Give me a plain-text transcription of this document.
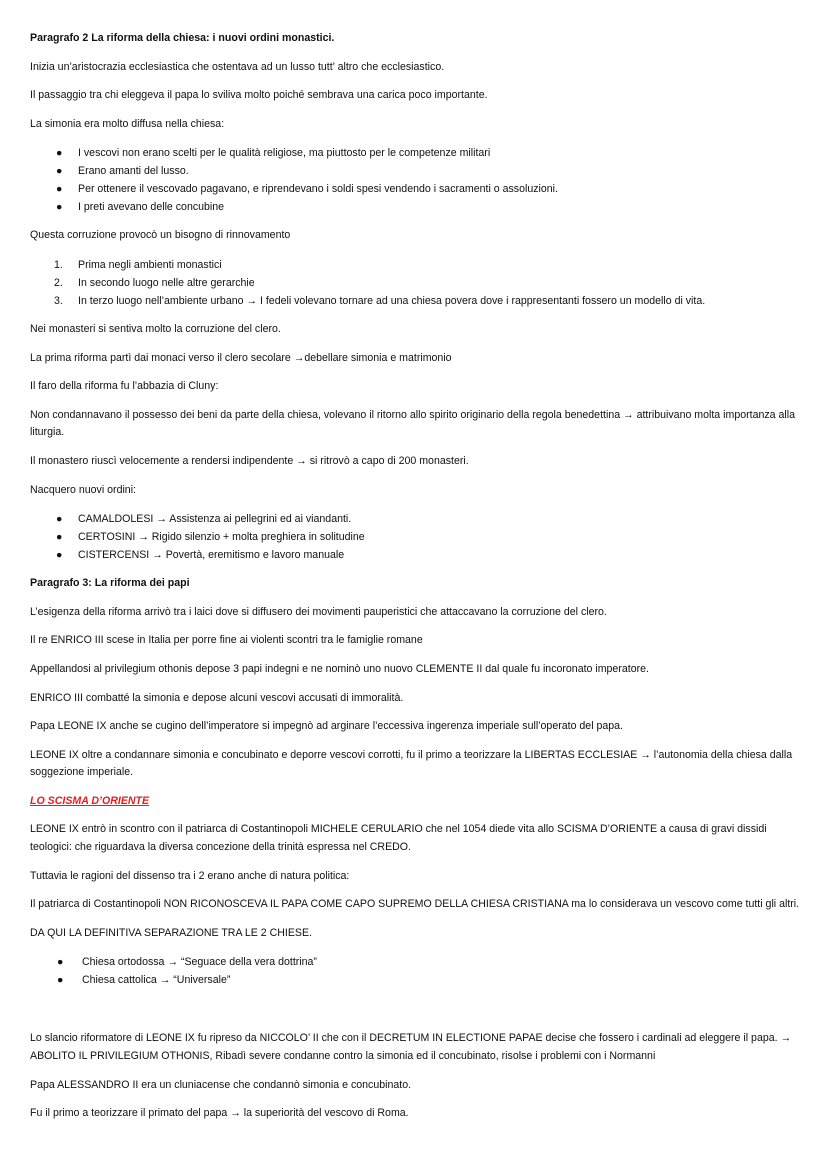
Paragrafo 2 La riforma della chiesa: i nuovi ordini monastici.

Inizia un’aristocrazia ecclesiastica che ostentava ad un lusso tutt’ altro che ecclesiastico.

Il passaggio tra chi eleggeva il papa lo sviliva molto poiché sembrava una carica poco importante.

La simonia era molto diffusa nella chiesa:

●	I vescovi non erano scelti per le qualità religiose, ma piuttosto per le competenze militari
●	Erano amanti del lusso.
●	Per ottenere il vescovado pagavano, e riprendevano i soldi spesi vendendo i sacramenti o assoluzioni.
●	I preti avevano delle concubine

Questa corruzione provocò un bisogno di rinnovamento

1.	Prima negli ambienti monastici
2.	In secondo luogo nelle altre gerarchie
3.	In terzo luogo nell’ambiente urbano → I fedeli volevano tornare ad una chiesa povera dove i rappresentanti fossero un modello di vita.

Nei monasteri si sentiva molto la corruzione del clero.

La prima riforma partì dai monaci verso il clero secolare →debellare simonia e matrimonio

Il faro della riforma fu l’abbazia di Cluny:

Non condannavano il possesso dei beni da parte della chiesa, volevano il ritorno allo spirito originario della regola benedettina → attribuivano molta importanza alla liturgia.

Il monastero riuscì velocemente a rendersi indipendente → si ritrovò a capo di 200 monasteri.

Nacquero nuovi ordini:

●	CAMALDOLESI → Assistenza ai pellegrini ed ai viandanti.
●	CERTOSINI → Rigido silenzio + molta preghiera in solitudine
●	CISTERCENSI → Povertà, eremitismo e lavoro manuale

Paragrafo 3: La riforma dei papi

L’esigenza della riforma arrivò tra i laici dove si diffusero dei movimenti pauperistici che attaccavano la corruzione del clero.

Il re ENRICO III scese in Italia per porre fine ai violenti scontri tra le famiglie romane

Appellandosi al privilegium othonis depose 3 papi indegni e ne nominò uno nuovo CLEMENTE II dal quale fu incoronato imperatore.

ENRICO III combatté la simonia e depose alcuni vescovi accusati di immoralità.

Papa LEONE IX anche se cugino dell’imperatore si impegnò ad arginare l’eccessiva ingerenza imperiale sull’operato del papa.

LEONE IX oltre a condannare simonia e concubinato e deporre vescovi corrotti, fu il primo a teorizzare la LIBERTAS ECCLESIAE → l’autonomia della chiesa dalla soggezione imperiale.

LO SCISMA D’ORIENTE

LEONE IX entrò in scontro con il patriarca di Costantinopoli MICHELE CERULARIO che nel 1054 diede vita allo SCISMA D’ORIENTE a causa di gravi dissidi teologici: che riguardava la diversa concezione della trinità espressa nel CREDO.

Tuttavia le ragioni del dissenso tra i 2 erano anche di natura politica:

Il patriarca di Costantinopoli NON RICONOSCEVA IL PAPA COME CAPO SUPREMO DELLA CHIESA CRISTIANA ma lo considerava un vescovo come tutti gli altri.

DA QUI LA DEFINITIVA SEPARAZIONE TRA LE 2 CHIESE.

●	Chiesa ortodossa → “Seguace della vera dottrina”
●	Chiesa cattolica → “Universale”

Lo slancio riformatore di LEONE IX fu ripreso da NICCOLO’ II che con il DECRETUM IN ELECTIONE PAPAE decise che fossero i cardinali ad eleggere il papa. → ABOLITO IL PRIVILEGIUM OTHONIS, Ribadì severe condanne contro la simonia ed il concubinato, risolse i problemi con i Normanni

Papa ALESSANDRO II era un cluniacense che condannò simonia e concubinato.

Fu il primo a teorizzare il primato del papa → la superiorità del vescovo di Roma.
